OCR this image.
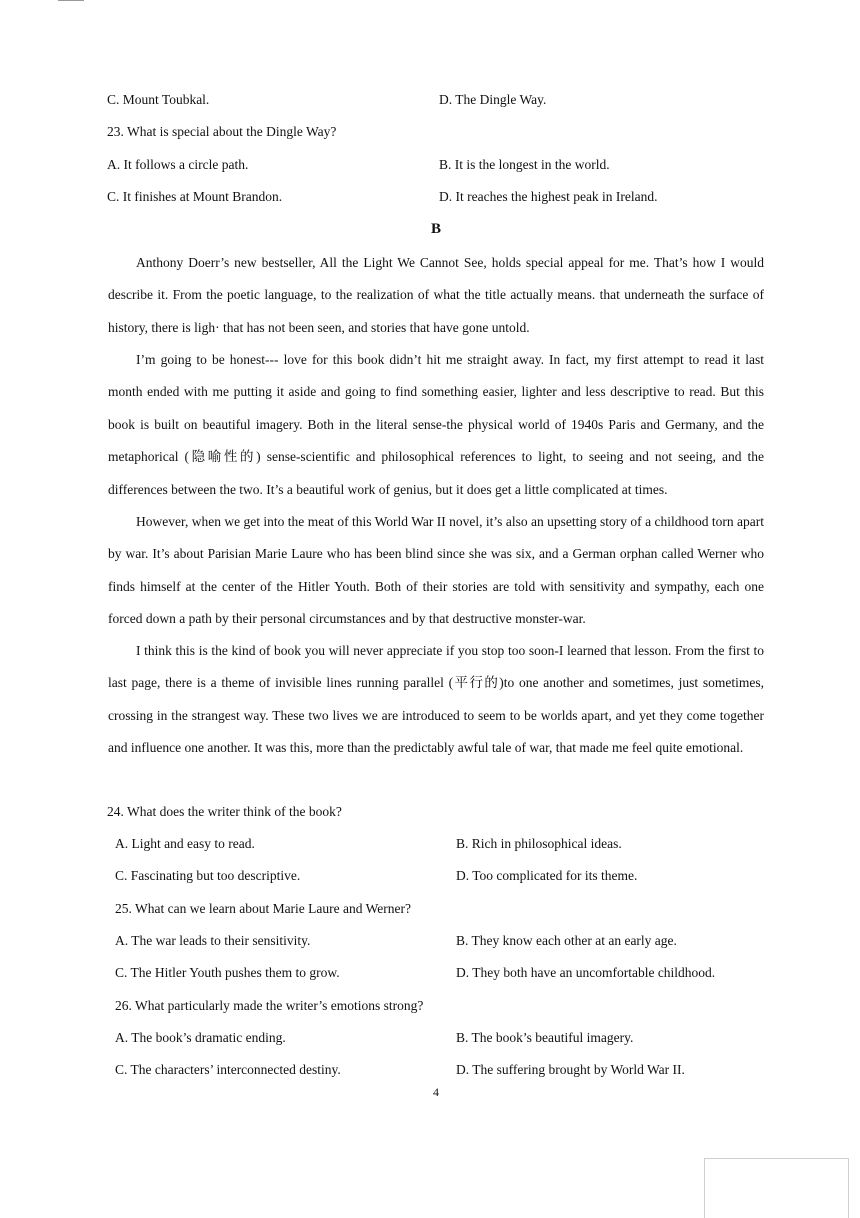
C. Mount Toubkal.	D. The Dingle Way.
23. What is special about the Dingle Way?
A. It follows a circle path.	B. It is the longest in the world.
C. It finishes at Mount Brandon.	D. It reaches the highest peak in Ireland.
B

Anthony Doerr’s new bestseller, All the Light We Cannot See, holds special appeal for me. That’s how I would describe it. From the poetic language, to the realization of what the title actually means. that underneath the surface of history, there is ligh· that has not been seen, and stories that have gone untold.

I’m going to be honest--- love for this book didn’t hit me straight away. In fact, my first attempt to read it last month ended with me putting it aside and going to find something easier, lighter and less descriptive to read. But this book is built on beautiful imagery. Both in the literal sense-the physical world of 1940s Paris and Germany, and the metaphorical (隐喻性的) sense-scientific and philosophical references to light, to seeing and not seeing, and the differences between the two. It’s a beautiful work of genius, but it does get a little complicated at times.

However, when we get into the meat of this World War II novel, it’s also an upsetting story of a childhood torn apart by war. It’s about Parisian Marie Laure who has been blind since she was six, and a German orphan called Werner who finds himself at the center of the Hitler Youth. Both of their stories are told with sensitivity and sympathy, each one forced down a path by their personal circumstances and by that destructive monster-war.

I think this is the kind of book you will never appreciate if you stop too soon-I learned that lesson. From the first to last page, there is a theme of invisible lines running parallel (平行的)to one another and sometimes, just sometimes, crossing in the strangest way. These two lives we are introduced to seem to be worlds apart, and yet they come together and influence one another. It was this, more than the predictably awful tale of war, that made me feel quite emotional.

24. What does the writer think of the book?
A. Light and easy to read.	B. Rich in philosophical ideas.
C. Fascinating but too descriptive.	D. Too complicated for its theme.
25. What can we learn about Marie Laure and Werner?
A. The war leads to their sensitivity.	B. They know each other at an early age.
C. The Hitler Youth pushes them to grow.	D. They both have an uncomfortable childhood.
26. What particularly made the writer’s emotions strong?
A. The book’s dramatic ending.	B. The book’s beautiful imagery.
C. The characters’ interconnected destiny.	D. The suffering brought by World War II.
4
